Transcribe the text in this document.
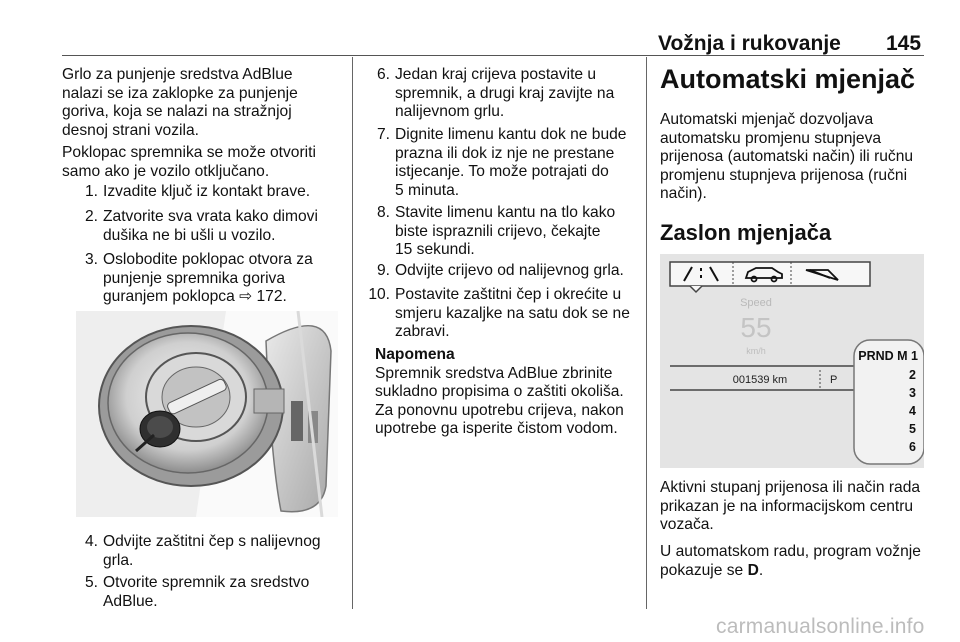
Vožnja i rukovanje 145
Grlo za punjenje sredstva AdBlue
nalazi se iza zaklopke za punjenje
goriva, koja se nalazi na stražnjoj
desnoj strani vozila.
Poklopac spremnika se može otvoriti
samo ako je vozilo otključano.
1. Izvadite ključ iz kontakt brave.
2. Zatvorite sva vrata kako dimovi
dušika ne bi ušli u vozilo.
3. Oslobodite poklopac otvora za
punjenje spremnika goriva
guranjem poklopca ⇨ 172.
4. Odvijte zaštitni čep s nalijevnog
grla.
5. Otvorite spremnik za sredstvo
AdBlue.
6. Jedan kraj crijeva postavite u
spremnik, a drugi kraj zavijte na
nalijevnom grlu.
7. Dignite limenu kantu dok ne bude
prazna ili dok iz nje ne prestane
istjecanje. To može potrajati do
5 minuta.
8. Stavite limenu kantu na tlo kako
biste ispraznili crijevo, čekajte
15 sekundi.
9. Odvijte crijevo od nalijevnog grla.
10. Postavite zaštitni čep i okrećite u
smjeru kazaljke na satu dok se ne
zabravi.
Napomena
Spremnik sredstva AdBlue zbrinite
sukladno propisima o zaštiti okoliša.
Za ponovnu upotrebu crijeva, nakon
upotrebe ga isperite čistom vodom.
Automatski mjenjač
Automatski mjenjač dozvoljava
automatsku promjenu stupnjeva
prijenosa (automatski način) ili ručnu
promjenu stupnjeva prijenosa (ručni
način).
Zaslon mjenjača
Speed
55
km/h
001539 km	P
PRND M 1
2
3
4
5
6
Aktivni stupanj prijenosa ili način rada
prikazan je na informacijskom centru
vozača.
U automatskom radu, program vožnje
pokazuje se D.
carmanualsonline.info
